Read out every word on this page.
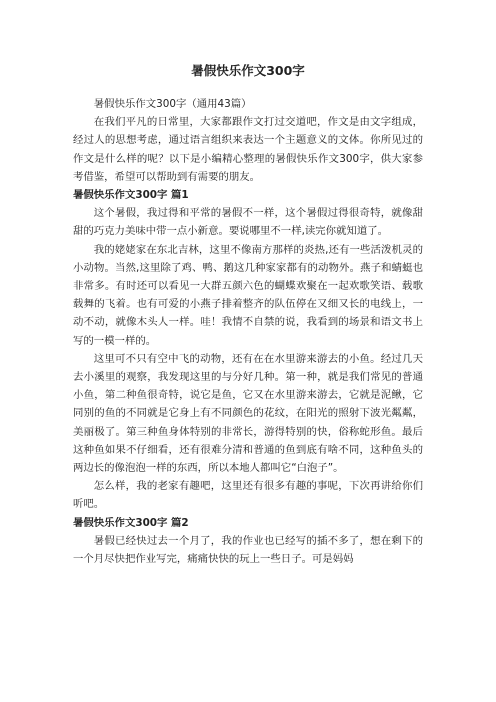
暑假快乐作文300字

暑假快乐作文300字（通用43篇）

在我们平凡的日常里，大家都跟作文打过交道吧，作文是由文字组成，经过人的思想考虑，通过语言组织来表达一个主题意义的文体。你所见过的作文是什么样的呢？以下是小编精心整理的暑假快乐作文300字，供大家参考借鉴，希望可以帮助到有需要的朋友。

暑假快乐作文300字 篇1

这个暑假，我过得和平常的暑假不一样，这个暑假过得很奇特，就像甜甜的巧克力美味中带一点小新意。要说哪里不一样,读完你就知道了。

我的姥姥家在东北吉林，这里不像南方那样的炎热,还有一些活泼机灵的小动物。当然,这里除了鸡、鸭、鹅这几种家家都有的动物外。燕子和蜻蜓也非常多。有时还可以看见一大群五颜六色的蝴蝶欢聚在一起欢歌笑语、载歌载舞的飞着。也有可爱的小燕子排着整齐的队伍停在又细又长的电线上，一动不动，就像木头人一样。哇！我情不自禁的说，我看到的场景和语文书上写的一模一样的。

这里可不只有空中飞的动物，还有在在水里游来游去的小鱼。经过几天去小溪里的观察，我发现这里的与分好几种。第一种，就是我们常见的普通小鱼，第二种鱼很奇特，说它是鱼，它又在水里游来游去，它就是泥鳅，它同别的鱼的不同就是它身上有不同颜色的花纹，在阳光的照射下波光粼粼，美丽极了。第三种鱼身体特别的非常长，游得特别的快，俗称蛇形鱼。最后这种鱼如果不仔细看，还有很难分清和普通的鱼到底有啥不同，这种鱼头的两边长的像泡泡一样的东西，所以本地人都叫它“白泡子”。

怎么样，我的老家有趣吧，这里还有很多有趣的事呢，下次再讲给你们听吧。

暑假快乐作文300字 篇2

暑假已经快过去一个月了，我的作业也已经写的插不多了，想在剩下的一个月尽快把作业写完，痛痛快快的玩上一些日子。可是妈妈
